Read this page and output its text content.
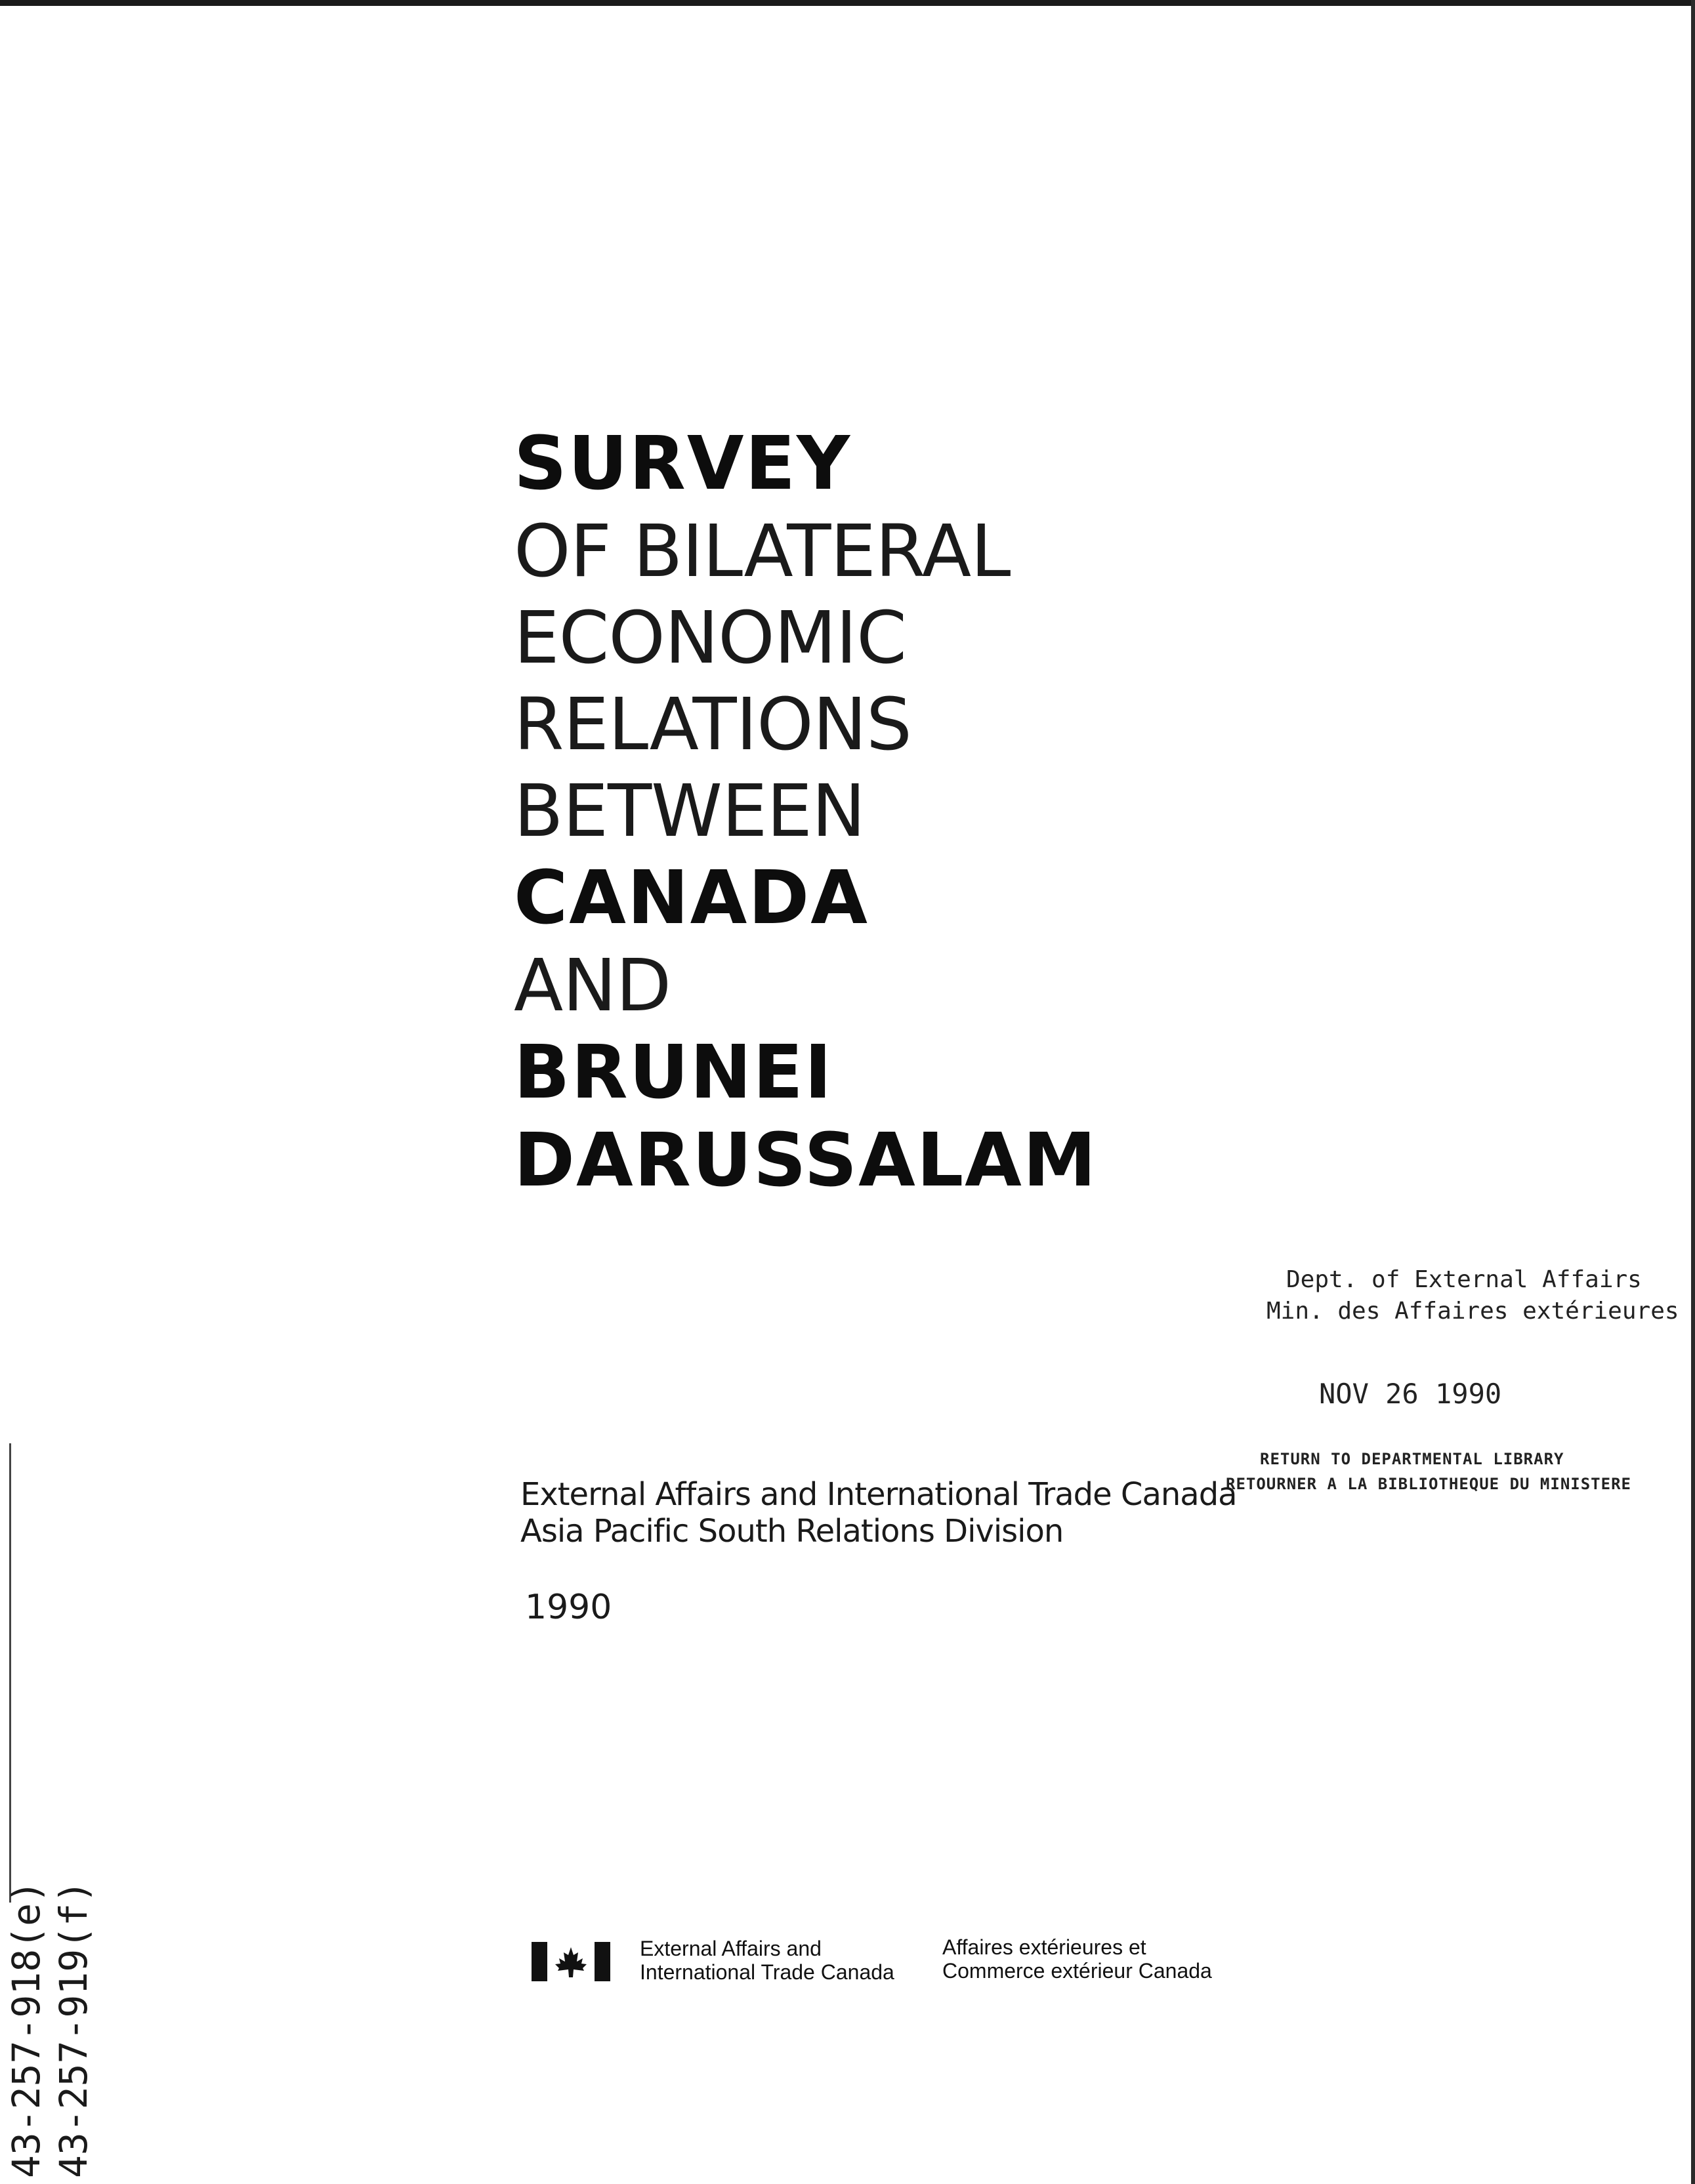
SURVEY
OF BILATERAL
ECONOMIC
RELATIONS
BETWEEN
CANADA
AND
BRUNEI
DARUSSALAM
Dept. of External Affairs
Min. des Affaires extérieures
NOV 26 1990
RETURN TO DEPARTMENTAL LIBRARY
RETOURNER A LA BIBLIOTHEQUE DU MINISTERE
External Affairs and International Trade Canada
Asia Pacific South Relations Division
1990
External Affairs and
International Trade Canada
Affaires extérieures et
Commerce extérieur Canada
43-257-918(e) 43-257-919(f)
